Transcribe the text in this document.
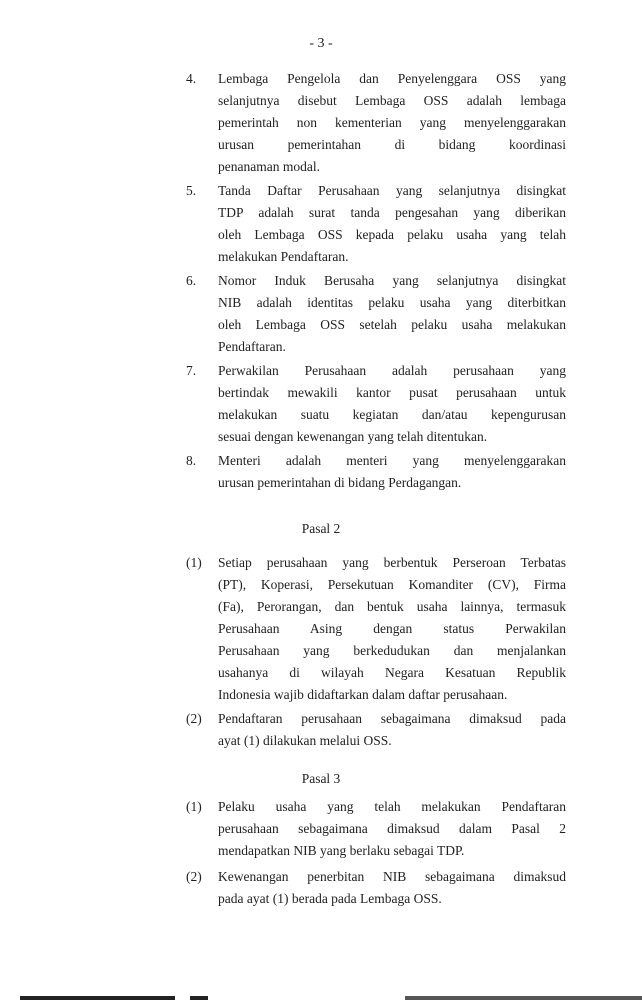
- 3 -
4. Lembaga Pengelola dan Penyelenggara OSS yang
selanjutnya disebut Lembaga OSS adalah lembaga
pemerintah non kementerian yang menyelenggarakan
urusan pemerintahan di bidang koordinasi
penanaman modal.
5. Tanda Daftar Perusahaan yang selanjutnya disingkat
TDP adalah surat tanda pengesahan yang diberikan
oleh Lembaga OSS kepada pelaku usaha yang telah
melakukan Pendaftaran.
6. Nomor Induk Berusaha yang selanjutnya disingkat
NIB adalah identitas pelaku usaha yang diterbitkan
oleh Lembaga OSS setelah pelaku usaha melakukan
Pendaftaran.
7. Perwakilan Perusahaan adalah perusahaan yang
bertindak mewakili kantor pusat perusahaan untuk
melakukan suatu kegiatan dan/atau kepengurusan
sesuai dengan kewenangan yang telah ditentukan.
8. Menteri adalah menteri yang menyelenggarakan
urusan pemerintahan di bidang Perdagangan.
Pasal 2
(1) Setiap perusahaan yang berbentuk Perseroan Terbatas
(PT), Koperasi, Persekutuan Komanditer (CV), Firma
(Fa), Perorangan, dan bentuk usaha lainnya, termasuk
Perusahaan Asing dengan status Perwakilan
Perusahaan yang berkedudukan dan menjalankan
usahanya di wilayah Negara Kesatuan Republik
Indonesia wajib didaftarkan dalam daftar perusahaan.
(2) Pendaftaran perusahaan sebagaimana dimaksud pada
ayat (1) dilakukan melalui OSS.
Pasal 3
(1) Pelaku usaha yang telah melakukan Pendaftaran
perusahaan sebagaimana dimaksud dalam Pasal 2
mendapatkan NIB yang berlaku sebagai TDP.
(2) Kewenangan penerbitan NIB sebagaimana dimaksud
pada ayat (1) berada pada Lembaga OSS.
